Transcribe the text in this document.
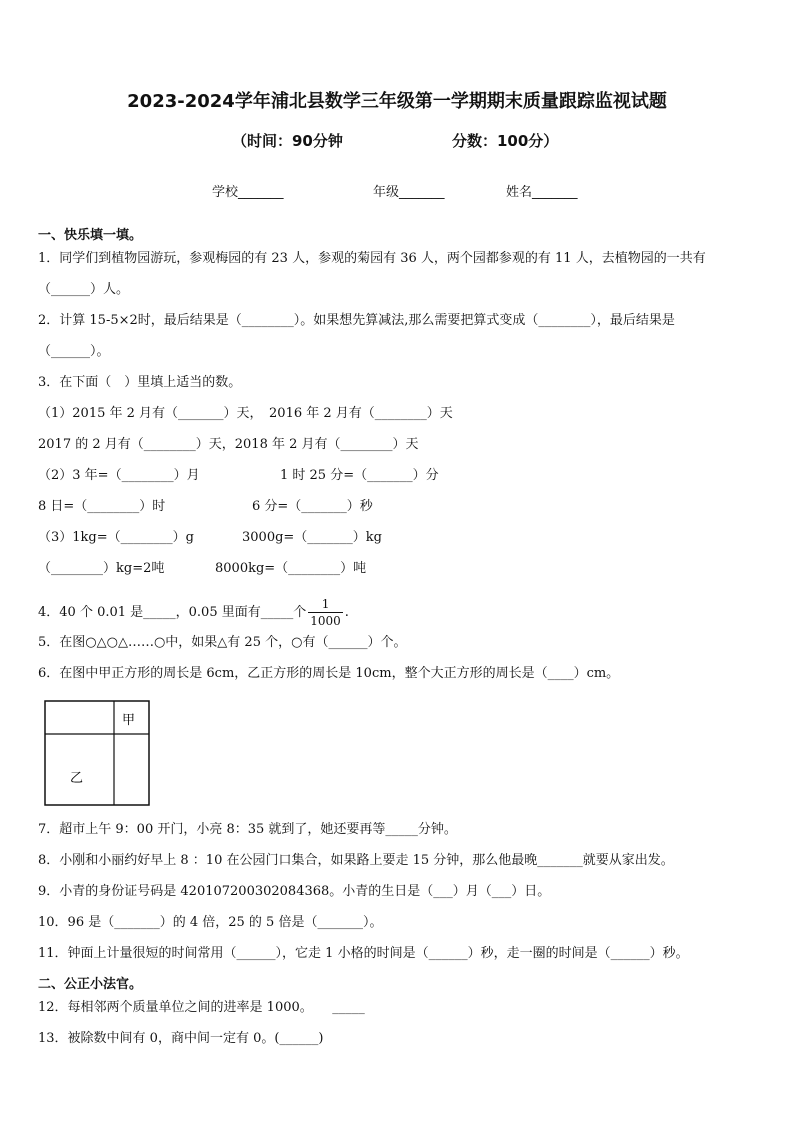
2023-2024学年浦北县数学三年级第一学期期末质量跟踪监视试题
（时间：90分钟	分数：100分）
学校_______	年级_______	姓名_______
一、快乐填一填。
1．同学们到植物园游玩，参观梅园的有 23 人，参观的菊园有 36 人，两个园都参观的有 11 人，去植物园的一共有
（______）人。
2．计算 15-5×2时，最后结果是（________）。如果想先算减法,那么需要把算式变成（________），最后结果是
（______）。
3．在下面（　）里填上适当的数。
（1）2015 年 2 月有（_______）天，　2016 年 2 月有（________）天
2017 的 2 月有（________）天，2018 年 2 月有（________）天
（2）3 年=（________）月	1 时 25 分=（_______）分
8 日=（________）时	6 分=（_______）秒
（3）1kg=（________）g	3000g=（_______）kg
（________）kg=2吨	8000kg=（________）吨
4．40 个 0.01 是_____，0.05 里面有_____个 $\frac{1}{1000}$ .
5．在图○△○△……○中，如果△有 25 个，○有（______）个。
6．在图中甲正方形的周长是 6cm，乙正方形的周长是 10cm，整个大正方形的周长是（____）cm。
甲
乙
7．超市上午 9：00 开门，小亮 8：35 就到了，她还要再等_____分钟。
8．小刚和小丽约好早上 8 ：10 在公园门口集合，如果路上要走 15 分钟，那么他最晚_______就要从家出发。
9．小青的身份证号码是 420107200302084368。小青的生日是（___）月（___）日。
10．96 是（_______）的 4 倍，25 的 5 倍是（_______）。
11．钟面上计量很短的时间常用（______），它走 1 小格的时间是（______）秒，走一圈的时间是（______）秒。
二、公正小法官。
12．每相邻两个质量单位之间的进率是 1000。　　_____
13．被除数中间有 0，商中间一定有 0。(______)
